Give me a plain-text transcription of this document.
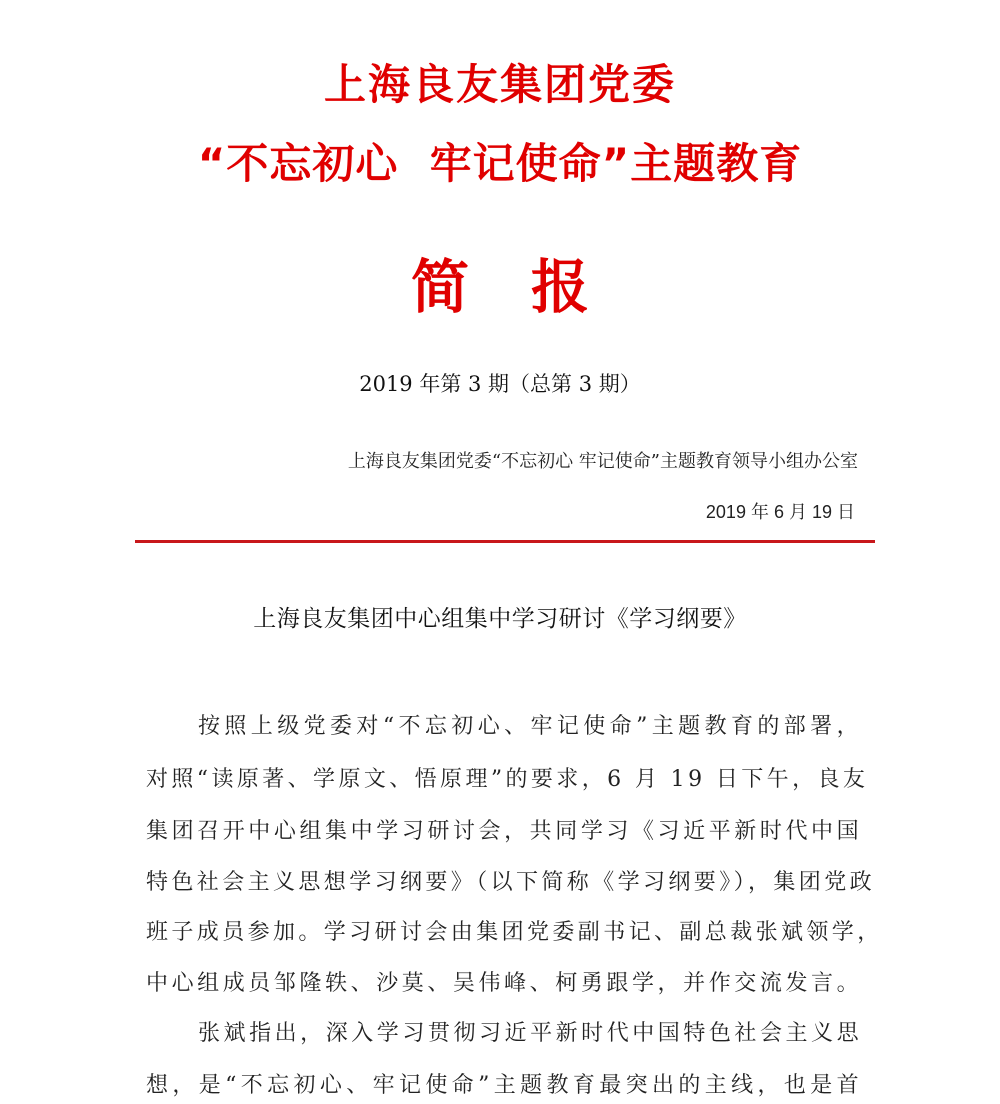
上海良友集团党委
“不忘初心  牢记使命”主题教育
简 报
2019 年第 3 期（总第 3 期）
上海良友集团党委“不忘初心 牢记使命”主题教育领导小组办公室
2019 年 6 月 19 日
上海良友集团中心组集中学习研讨《学习纲要》
按照上级党委对“不忘初心、牢记使命”主题教育的部署，
对照“读原著、学原文、悟原理”的要求，6 月 19 日下午，良友
集团召开中心组集中学习研讨会，共同学习《习近平新时代中国
特色社会主义思想学习纲要》（以下简称《学习纲要》），集团党政
班子成员参加。学习研讨会由集团党委副书记、副总裁张斌领学，
中心组成员邹隆轶、沙莫、吴伟峰、柯勇跟学，并作交流发言。
张斌指出，深入学习贯彻习近平新时代中国特色社会主义思
想，是“不忘初心、牢记使命”主题教育最突出的主线，也是首
